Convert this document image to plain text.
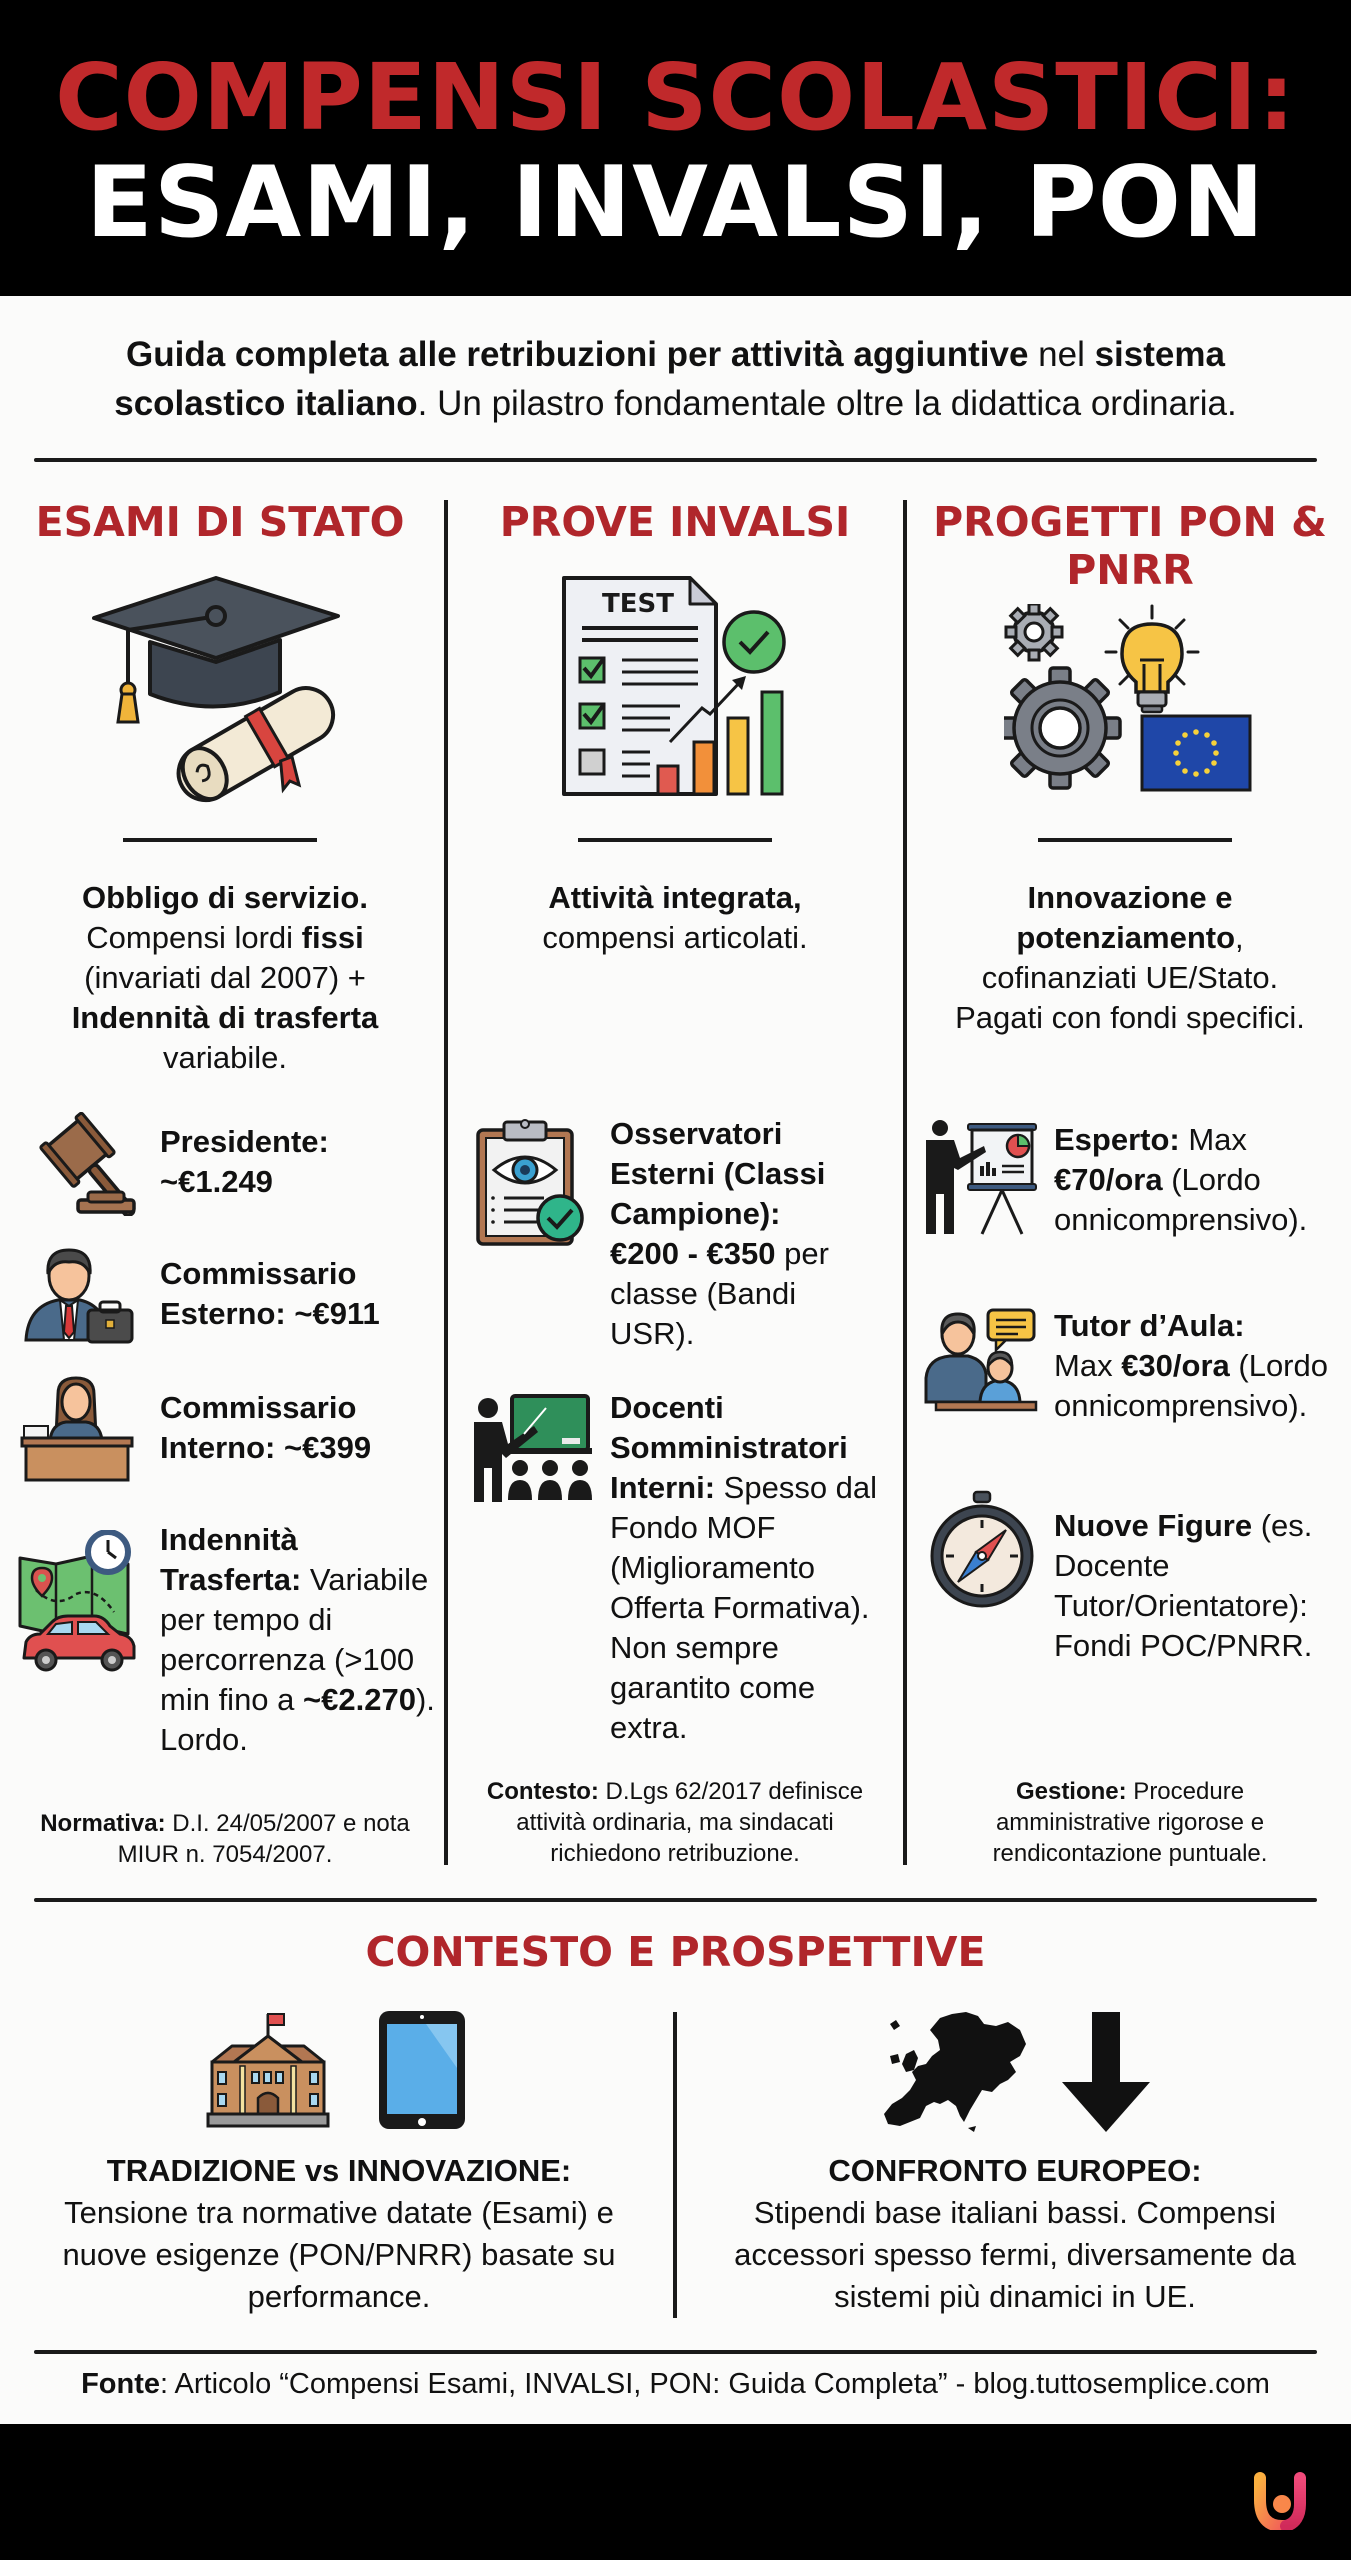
COMPENSI SCOLASTICI:
ESAMI, INVALSI, PON
Guida completa alle retribuzioni per attività aggiuntive nel sistema scolastico italiano. Un pilastro fondamentale oltre la didattica ordinaria.
ESAMI DI STATO
Obbligo di servizio. Compensi lordi fissi (invariati dal 2007) + Indennità di trasferta variabile.
Presidente:
~€1.249
Commissario Esterno: ~€911
Commissario Interno: ~€399
Indennità Trasferta: Variabile per tempo di percorrenza (>100 min fino a ~€2.270). Lordo.
Normativa: D.I. 24/05/2007 e nota MIUR n. 7054/2007.
PROVE INVALSI
TEST
Attività integrata,
compensi articolati.
Osservatori Esterni (Classi Campione):
€200 - €350 per classe (Bandi USR).
Docenti Somministratori Interni: Spesso dal Fondo MOF (Miglioramento Offerta Formativa). Non sempre garantito come extra.
Contesto: D.Lgs 62/2017 definisce attività ordinaria, ma sindacati richiedono retribuzione.
PROGETTI PON & PNRR
Innovazione e potenziamento, cofinanziati UE/Stato. Pagati con fondi specifici.
Esperto: Max €70/ora (Lordo onnicomprensivo).
Tutor d’Aula:
Max €30/ora (Lordo onnicomprensivo).
Nuove Figure (es. Docente Tutor/Orientatore): Fondi POC/PNRR.
Gestione: Procedure amministrative rigorose e rendicontazione puntuale.
CONTESTO E PROSPETTIVE
TRADIZIONE vs INNOVAZIONE:
Tensione tra normative datate (Esami) e nuove esigenze (PON/PNRR) basate su performance.
CONFRONTO EUROPEO:
Stipendi base italiani bassi. Compensi accessori spesso fermi, diversamente da sistemi più dinamici in UE.
Fonte: Articolo “Compensi Esami, INVALSI, PON: Guida Completa” - blog.tuttosemplice.com
